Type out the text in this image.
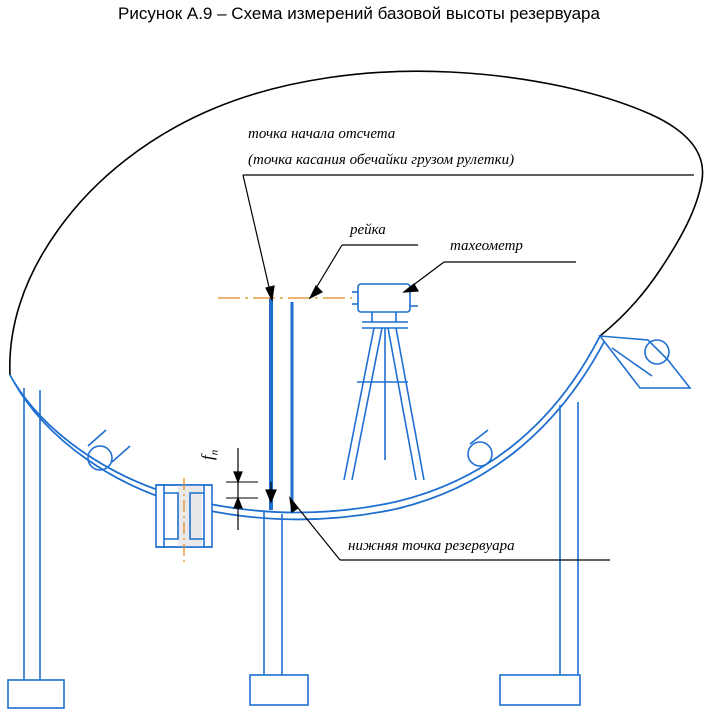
Рисунок А.9 – Схема измерений базовой высоты резервуара
точка начала отсчета
(точка касания обечайки грузом рулетки)
рейка
тахеометр
нижняя точка резервуара
$f_п$
